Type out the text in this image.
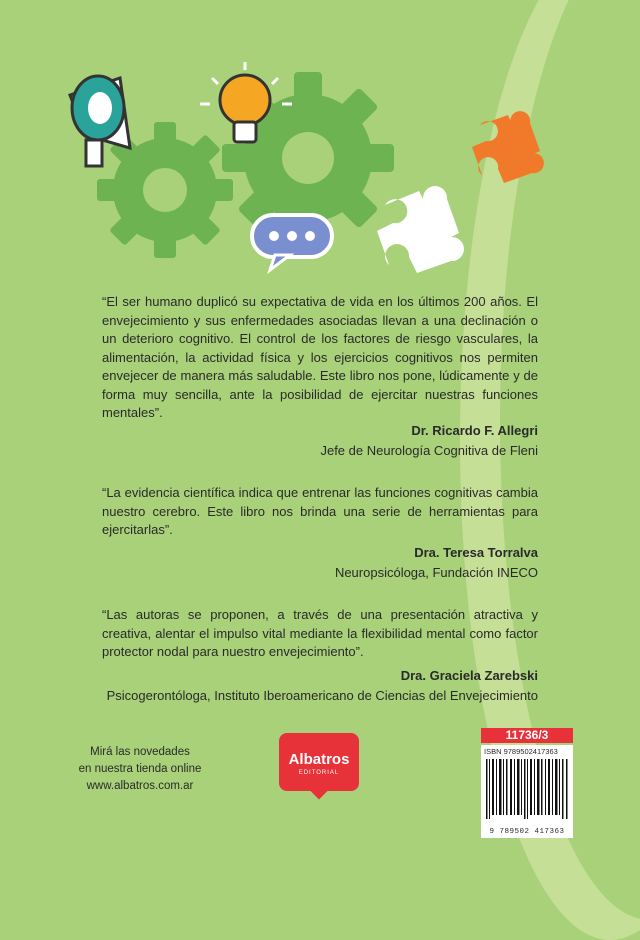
“El ser humano duplicó su expectativa de vida en los últimos 200 años. El envejecimiento y sus enfermedades asociadas llevan a una declinación o un deterioro cognitivo. El control de los factores de riesgo vasculares, la alimentación, la actividad física y los ejercicios cognitivos nos permiten envejecer de manera más saludable. Este libro nos pone, lúdicamente y de forma muy sencilla, ante la posibilidad de ejercitar nuestras funciones mentales”.
Dr. Ricardo F. Allegri
Jefe de Neurología Cognitiva de Fleni
“La evidencia científica indica que entrenar las funciones cognitivas cambia nuestro cerebro. Este libro nos brinda una serie de herramientas para ejercitarlas”.
Dra. Teresa Torralva
Neuropsicóloga, Fundación INECO
“Las autoras se proponen, a través de una presentación atractiva y creativa, alentar el impulso vital mediante la flexibilidad mental como factor protector nodal para nuestro envejecimiento”.
Dra. Graciela Zarebski
Psicogerontóloga, Instituto Iberoamericano de Ciencias del Envejecimiento
Mirá las novedades
en nuestra tienda online
www.albatros.com.ar
Albatros
EDITORIAL
11736/3
ISBN 9789502417363
9 789502 417363
